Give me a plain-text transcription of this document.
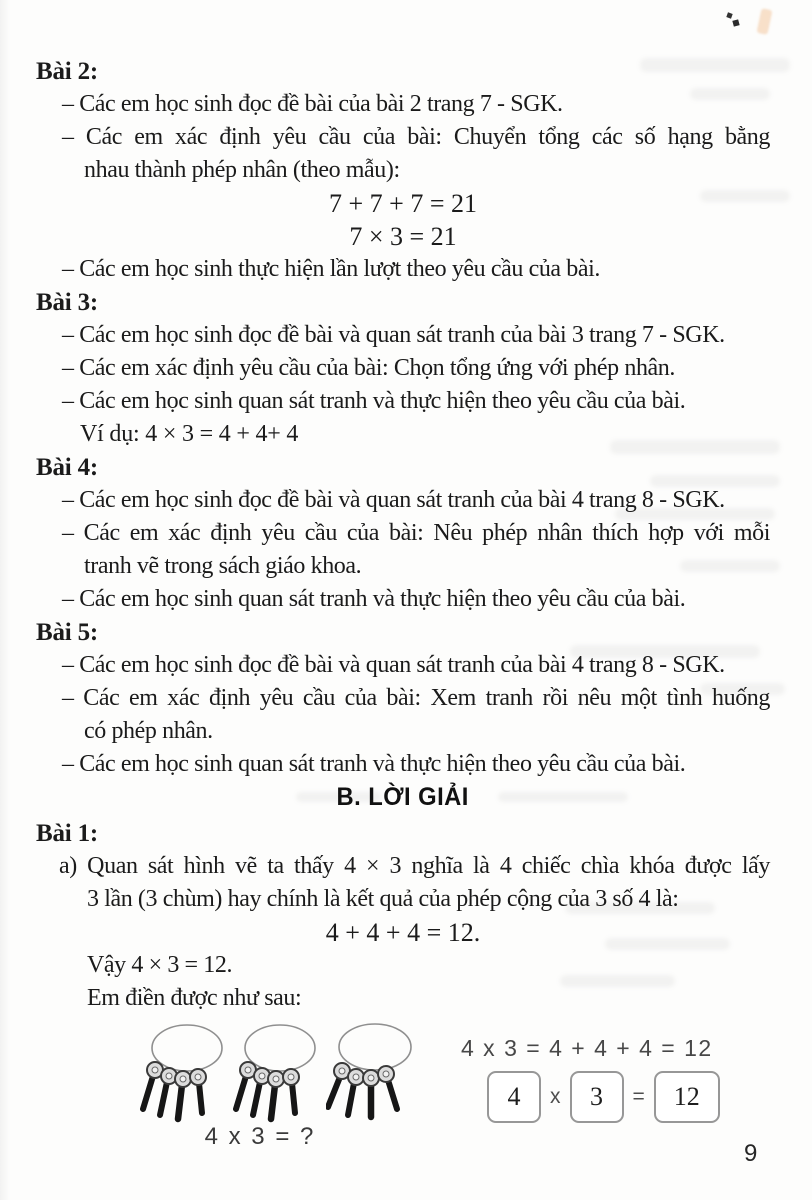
Bài 2:
– Các em học sinh đọc đề bài của bài 2 trang 7 - SGK.
– Các em xác định yêu cầu của bài: Chuyển tổng các số hạng bằng
nhau thành phép nhân (theo mẫu):
7 + 7 + 7 = 21
7 × 3 = 21
– Các em học sinh thực hiện lần lượt theo yêu cầu của bài.
Bài 3:
– Các em học sinh đọc đề bài và quan sát tranh của bài 3 trang 7 - SGK.
– Các em xác định yêu cầu của bài: Chọn tổng ứng với phép nhân.
– Các em học sinh quan sát tranh và thực hiện theo yêu cầu của bài.
Ví dụ: 4 × 3 = 4 + 4+ 4
Bài 4:
– Các em học sinh đọc đề bài và quan sát tranh của bài 4 trang 8 - SGK.
– Các em xác định yêu cầu của bài: Nêu phép nhân thích hợp với mỗi
tranh vẽ trong sách giáo khoa.
– Các em học sinh quan sát tranh và thực hiện theo yêu cầu của bài.
Bài 5:
– Các em học sinh đọc đề bài và quan sát tranh của bài 4 trang 8 - SGK.
– Các em xác định yêu cầu của bài: Xem tranh rồi nêu một tình huống
có phép nhân.
– Các em học sinh quan sát tranh và thực hiện theo yêu cầu của bài.
B. LỜI GIẢI
Bài 1:
a) Quan sát hình vẽ ta thấy 4 × 3 nghĩa là 4 chiếc chìa khóa được lấy
3 lần (3 chùm) hay chính là kết quả của phép cộng của 3 số 4 là:
4 + 4 + 4 = 12.
Vậy 4 × 3 = 12.
Em điền được như sau:
4 x 3 = ?
4 x 3 = 4 + 4 + 4 = 12
4	x	3	=	12
9
